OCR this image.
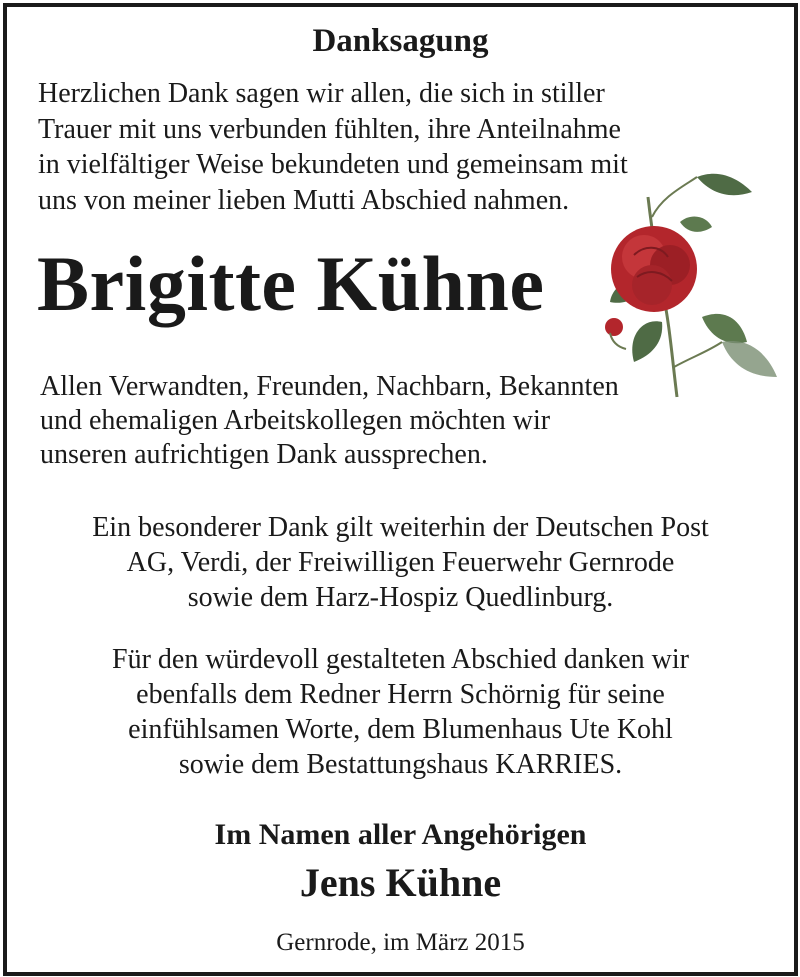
Danksagung
Herzlichen Dank sagen wir allen, die sich in stiller
Trauer mit uns verbunden fühlten, ihre Anteilnahme
in vielfältiger Weise bekundeten und gemeinsam mit
uns von meiner lieben Mutti Abschied nahmen.
Brigitte Kühne
Allen Verwandten, Freunden, Nachbarn, Bekannten
und ehemaligen Arbeitskollegen möchten wir
unseren aufrichtigen Dank aussprechen.
Ein besonderer Dank gilt weiterhin der Deutschen Post
AG, Verdi, der Freiwilligen Feuerwehr Gernrode
sowie dem Harz-Hospiz Quedlinburg.
Für den würdevoll gestalteten Abschied danken wir
ebenfalls dem Redner Herrn Schörnig für seine
einfühlsamen Worte, dem Blumenhaus Ute Kohl
sowie dem Bestattungshaus KARRIES.
Im Namen aller Angehörigen
Jens Kühne
Gernrode, im März 2015
